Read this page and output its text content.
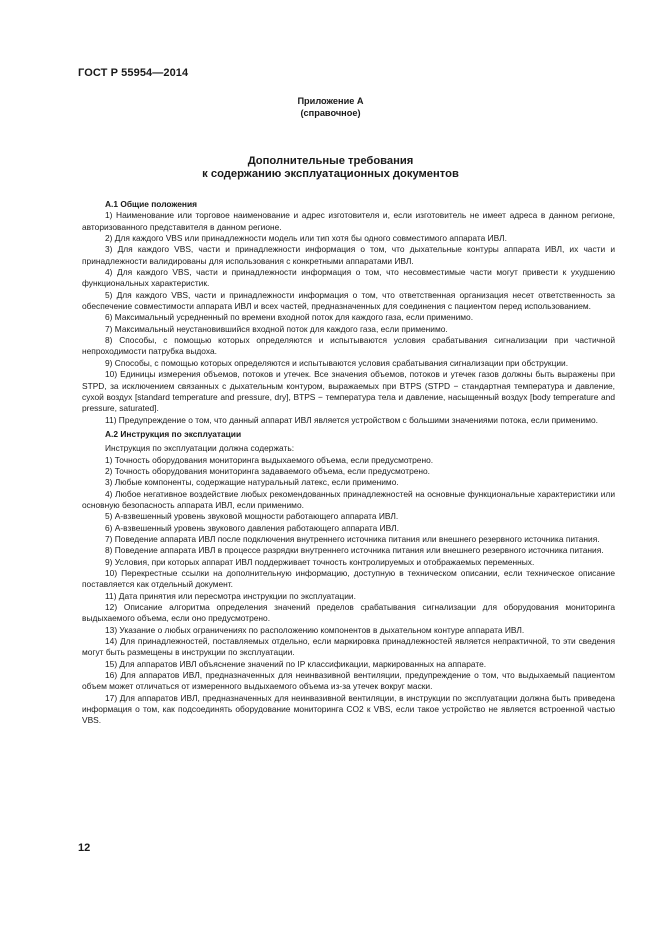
ГОСТ Р 55954—2014
Приложение А
(справочное)
Дополнительные требования
к содержанию эксплуатационных документов
А.1 Общие положения

1) Наименование или торговое наименование и адрес изготовителя и, если изготовитель не имеет адреса в данном регионе, авторизованного представителя в данном регионе.

2) Для каждого VBS или принадлежности модель или тип хотя бы одного совместимого аппарата ИВЛ.

3) Для каждого VBS, части и принадлежности информация о том, что дыхательные контуры аппарата ИВЛ, их части и принадлежности валидированы для использования с конкретными аппаратами ИВЛ.

4) Для каждого VBS, части и принадлежности информация о том, что несовместимые части могут привести к ухудшению функциональных характеристик.

5) Для каждого VBS, части и принадлежности информация о том, что ответственная организация несет ответственность за обеспечение совместимости аппарата ИВЛ и всех частей, предназначенных для соединения с пациентом перед использованием.

6) Максимальный усредненный по времени входной поток для каждого газа, если применимо.

7) Максимальный неустановившийся входной поток для каждого газа, если применимо.

8) Способы, с помощью которых определяются и испытываются условия срабатывания сигнализации при частичной непроходимости патрубка выдоха.

9) Способы, с помощью которых определяются и испытываются условия срабатывания сигнализации при обструкции.

10) Единицы измерения объемов, потоков и утечек. Все значения объемов, потоков и утечек газов должны быть выражены при STPD, за исключением связанных с дыхательным контуром, выражаемых при BTPS (STPD − стандартная температура и давление, сухой воздух [standard temperature and pressure, dry], BTPS − температура тела и давление, насыщенный воздух [body temperature and pressure, saturated].

11) Предупреждение о том, что данный аппарат ИВЛ является устройством с большими значениями потока, если применимо.

А.2 Инструкция по эксплуатации

Инструкция по эксплуатации должна содержать:

1) Точность оборудования мониторинга выдыхаемого объема, если предусмотрено.

2) Точность оборудования мониторинга задаваемого объема, если предусмотрено.

3) Любые компоненты, содержащие натуральный латекс, если применимо.

4) Любое негативное воздействие любых рекомендованных принадлежностей на основные функциональные характеристики или основную безопасность аппарата ИВЛ, если применимо.

5) А-взвешенный уровень звуковой мощности работающего аппарата ИВЛ.

6) А-взвешенный уровень звукового давления работающего аппарата ИВЛ.

7) Поведение аппарата ИВЛ после подключения внутреннего источника питания или внешнего резервного источника питания.

8) Поведение аппарата ИВЛ в процессе разрядки внутреннего источника питания или внешнего резервного источника питания.

9) Условия, при которых аппарат ИВЛ поддерживает точность контролируемых и отображаемых переменных.

10) Перекрестные ссылки на дополнительную информацию, доступную в техническом описании, если техническое описание поставляется как отдельный документ.

11) Дата принятия или пересмотра инструкции по эксплуатации.

12) Описание алгоритма определения значений пределов срабатывания сигнализации для оборудования мониторинга выдыхаемого объема, если оно предусмотрено.

13) Указание о любых ограничениях по расположению компонентов в дыхательном контуре аппарата ИВЛ.

14) Для принадлежностей, поставляемых отдельно, если маркировка принадлежностей является непрактичной, то эти сведения могут быть размещены в инструкции по эксплуатации.

15) Для аппаратов ИВЛ объяснение значений по IP классификации, маркированных на аппарате.

16) Для аппаратов ИВЛ, предназначенных для неинвазивной вентиляции, предупреждение о том, что выдыхаемый пациентом объем может отличаться от измеренного выдыхаемого объема из-за утечек вокруг маски.

17) Для аппаратов ИВЛ, предназначенных для неинвазивной вентиляции, в инструкции по эксплуатации должна быть приведена информация о том, как подсоединять оборудование мониторинга CO2 к VBS, если такое устройство не является встроенной частью VBS.

12
